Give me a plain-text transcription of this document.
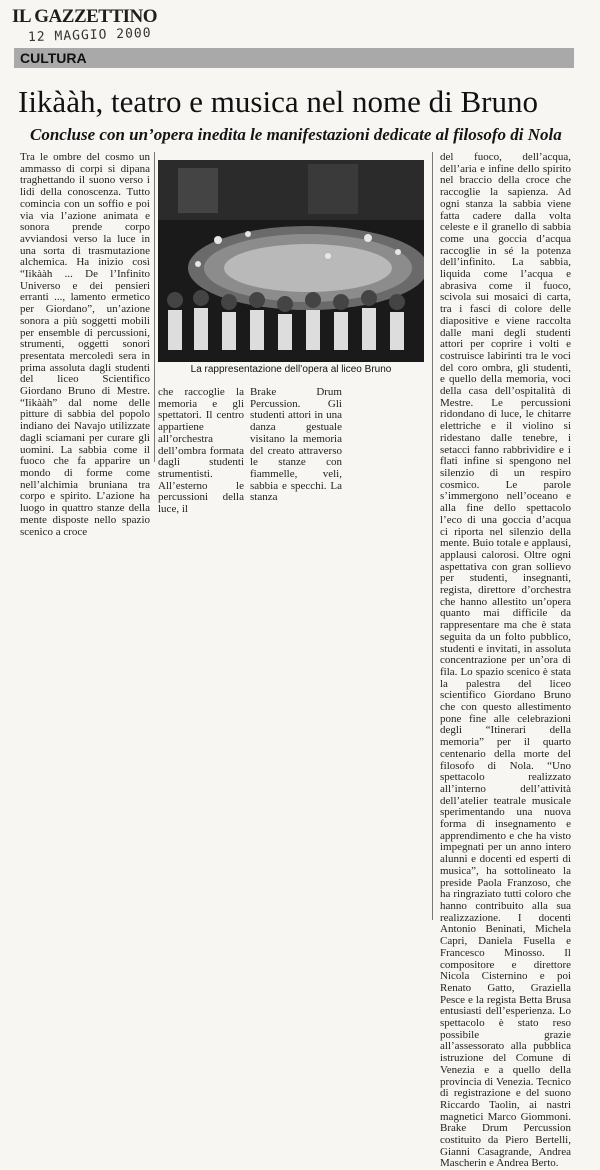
IL GAZZETTINO
12 MAGGIO 2000
CULTURA
Iikààh, teatro e musica nel nome di Bruno
Concluse con un’opera inedita le manifestazioni dedicate al filosofo di Nola
Tra le ombre del cosmo un ammasso di corpi si dipana traghettando il suono verso i lidi della conoscenza. Tutto comincia con un soffio e poi via via l’azione animata e sonora prende corpo avviandosi verso la luce in una sorta di trasmutazione alchemica. Ha inizio così “Iikààh ... De l’Infinito Universo e dei pensieri erranti ..., lamento ermetico per Giordano”, un’azione sonora a più soggetti mobili per ensemble di percussioni, strumenti, oggetti sonori presentata mercoledì sera in prima assoluta dagli studenti del liceo Scientifico Giordano Bruno di Mestre. “Iikààh” dal nome delle pitture di sabbia del popolo indiano dei Navajo utilizzate dagli sciamani per curare gli uomini. La sabbia come il fuoco che fa apparire un mondo di forme come nell’alchimia bruniana tra corpo e spirito. L’azione ha luogo in quattro stanze della mente disposte nello spazio scenico a croce
La rappresentazione dell’opera al liceo Bruno
che raccoglie la memoria e gli spettatori. Il centro appartiene all’orchestra dell’ombra formata dagli studenti strumentisti. All’esterno le percussioni della luce, il
Brake Drum Percussion. Gli studenti attori in una danza gestuale visitano la memoria del creato attraverso le stanze con fiammelle, veli, sabbia e specchi. La stanza
del fuoco, dell’acqua, dell’aria e infine dello spirito nel braccio della croce che raccoglie la sapienza. Ad ogni stanza la sabbia viene fatta cadere dalla volta celeste e il granello di sabbia come una goccia d’acqua raccoglie in sé la potenza dell’infinito. La sabbia, liquida come l’acqua e abrasiva come il fuoco, scivola sui mosaici di carta, tra i fasci di colore delle diapositive e viene raccolta dalle mani degli studenti attori per coprire i volti e costruisce labirinti tra le voci del coro ombra, gli studenti, e quello della memoria, voci della casa dell’ospitalità di Mestre. Le percussioni ridondano di luce, le chitarre elettriche e il violino si ridestano dalle tenebre, i setacci fanno rabbrividire e i flati infine si spengono nel silenzio di un respiro cosmico. Le parole s’immergono nell’oceano e alla fine dello spettacolo l’eco di una goccia d’acqua ci riporta nel silenzio della mente. Buio totale e applausi, applausi calorosi. Oltre ogni aspettativa con gran sollievo per studenti, insegnanti, regista, direttore d’orchestra che hanno allestito un’opera quanto mai difficile da rappresentare ma che è stata seguita da un folto pubblico, studenti e invitati, in assoluta concentrazione per un’ora di fila. Lo spazio scenico è stata la palestra del liceo scientifico Giordano Bruno che con questo allestimento pone fine alle celebrazioni degli “Itinerari della memoria” per il quarto centenario della morte del filosofo di Nola. “Uno spettacolo realizzato all’interno dell’attività dell’atelier teatrale musicale sperimentando una nuova forma di insegnamento e apprendimento e che ha visto impegnati per un anno intero alunni e docenti ed esperti di musica”, ha sottolineato la preside Paola Franzoso, che ha ringraziato tutti coloro che hanno contribuito alla sua realizzazione. I docenti Antonio Beninati, Michela Capri, Daniela Fusella e Francesco Minosso. Il compositore e direttore Nicola Cisternino e poi Renato Gatto, Graziella Pesce e la regista Betta Brusa entusiasti dell’esperienza. Lo spettacolo è stato reso possibile grazie all’assessorato alla pubblica istruzione del Comune di Venezia e a quello della provincia di Venezia. Tecnico di registrazione e del suono Riccardo Taolin, ai nastri magnetici Marco Giommoni. Brake Drum Percussion costituito da Piero Bertelli, Gianni Casagrande, Andrea Mascherin e Andrea Berto.
